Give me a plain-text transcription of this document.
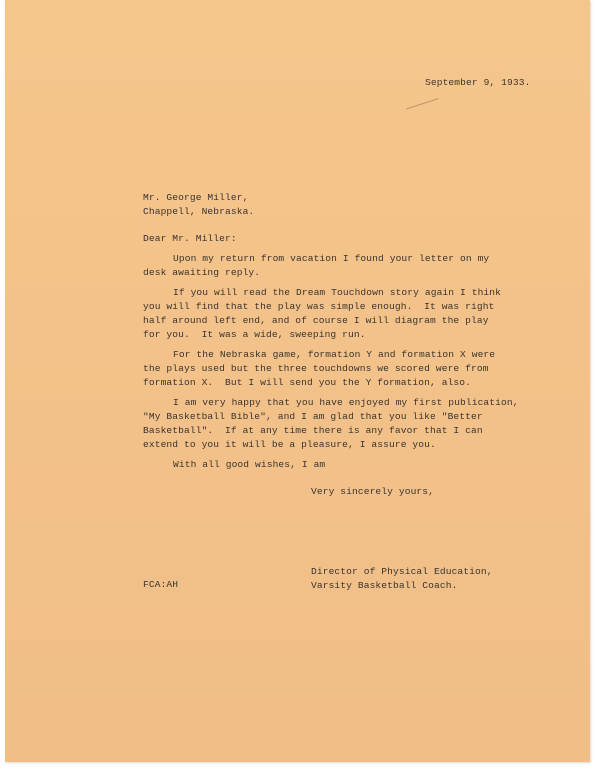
September 9, 1933.
Mr. George Miller,
Chappell, Nebraska.
Dear Mr. Miller:
Upon my return from vacation I found your letter on my
desk awaiting reply.
If you will read the Dream Touchdown story again I think
you will find that the play was simple enough.  It was right
half around left end, and of course I will diagram the play
for you.  It was a wide, sweeping run.
For the Nebraska game, formation Y and formation X were
the plays used but the three touchdowns we scored were from
formation X.  But I will send you the Y formation, also.
I am very happy that you have enjoyed my first publication,
"My Basketball Bible", and I am glad that you like "Better
Basketball".  If at any time there is any favor that I can
extend to you it will be a pleasure, I assure you.
With all good wishes, I am
Very sincerely yours,
Director of Physical Education,
FCA:AH	Varsity Basketball Coach.
